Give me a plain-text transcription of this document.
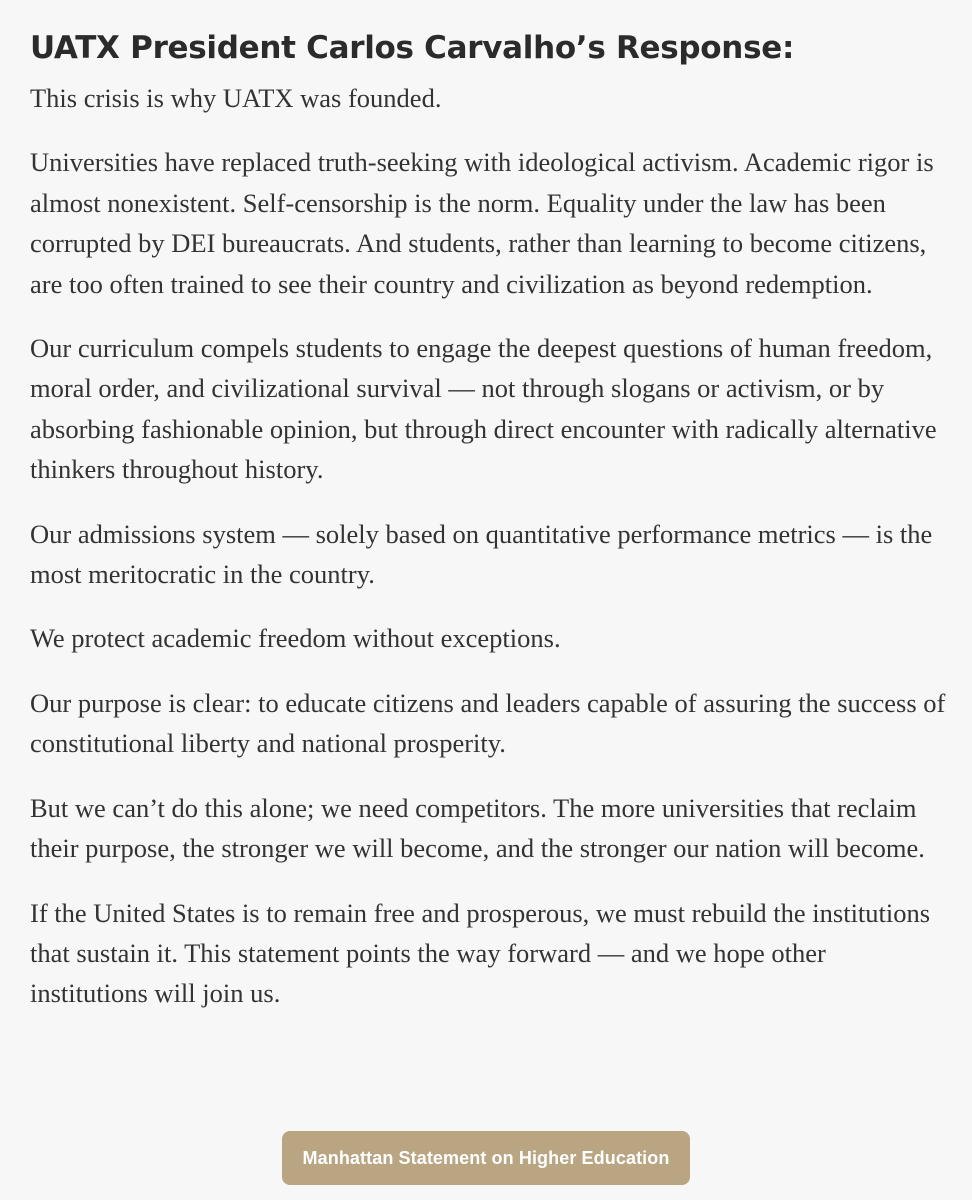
UATX President Carlos Carvalho’s Response:

This crisis is why UATX was founded.

Universities have replaced truth-seeking with ideological activism. Academic rigor is almost nonexistent. Self-censorship is the norm. Equality under the law has been corrupted by DEI bureaucrats. And students, rather than learning to become citizens, are too often trained to see their country and civilization as beyond redemption.

Our curriculum compels students to engage the deepest questions of human freedom, moral order, and civilizational survival — not through slogans or activism, or by absorbing fashionable opinion, but through direct encounter with radically alternative thinkers throughout history.

Our admissions system — solely based on quantitative performance metrics — is the most meritocratic in the country.

We protect academic freedom without exceptions.

Our purpose is clear: to educate citizens and leaders capable of assuring the success of constitutional liberty and national prosperity.

But we can’t do this alone; we need competitors. The more universities that reclaim their purpose, the stronger we will become, and the stronger our nation will become.

If the United States is to remain free and prosperous, we must rebuild the institutions that sustain it. This statement points the way forward — and we hope other institutions will join us.

Manhattan Statement on Higher Education
